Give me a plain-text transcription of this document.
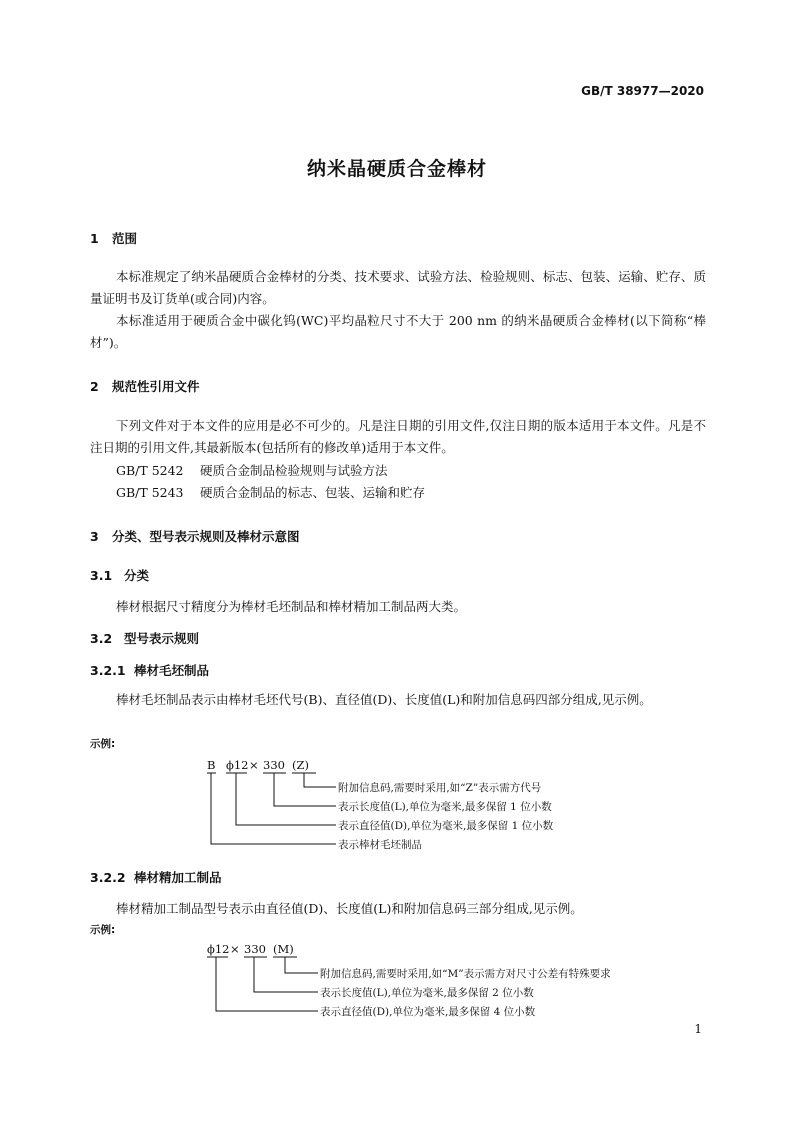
GB/T 38977—2020
纳米晶硬质合金棒材
1 范围
本标准规定了纳米晶硬质合金棒材的分类、技术要求、试验方法、检验规则、标志、包装、运输、贮存、质量证明书及订货单(或合同)内容。
本标准适用于硬质合金中碳化钨(WC)平均晶粒尺寸不大于 200 nm 的纳米晶硬质合金棒材(以下简称“棒材”)。
2 规范性引用文件
下列文件对于本文件的应用是必不可少的。凡是注日期的引用文件,仅注日期的版本适用于本文件。凡是不注日期的引用文件,其最新版本(包括所有的修改单)适用于本文件。
GB/T 5242 硬质合金制品检验规则与试验方法
GB/T 5243 硬质合金制品的标志、包装、运输和贮存
3 分类、型号表示规则及棒材示意图
3.1 分类
棒材根据尺寸精度分为棒材毛坯制品和棒材精加工制品两大类。
3.2 型号表示规则
3.2.1 棒材毛坯制品
棒材毛坯制品表示由棒材毛坯代号(B)、直径值(D)、长度值(L)和附加信息码四部分组成,见示例。
示例:
B ϕ12 × 330 (Z)
附加信息码,需要时采用,如“Z”表示需方代号
表示长度值(L),单位为毫米,最多保留 1 位小数
表示直径值(D),单位为毫米,最多保留 1 位小数
表示棒材毛坯制品
3.2.2 棒材精加工制品
棒材精加工制品型号表示由直径值(D)、长度值(L)和附加信息码三部分组成,见示例。
示例:
ϕ12 × 330 (M)
附加信息码,需要时采用,如“M”表示需方对尺寸公差有特殊要求
表示长度值(L),单位为毫米,最多保留 2 位小数
表示直径值(D),单位为毫米,最多保留 4 位小数
1
